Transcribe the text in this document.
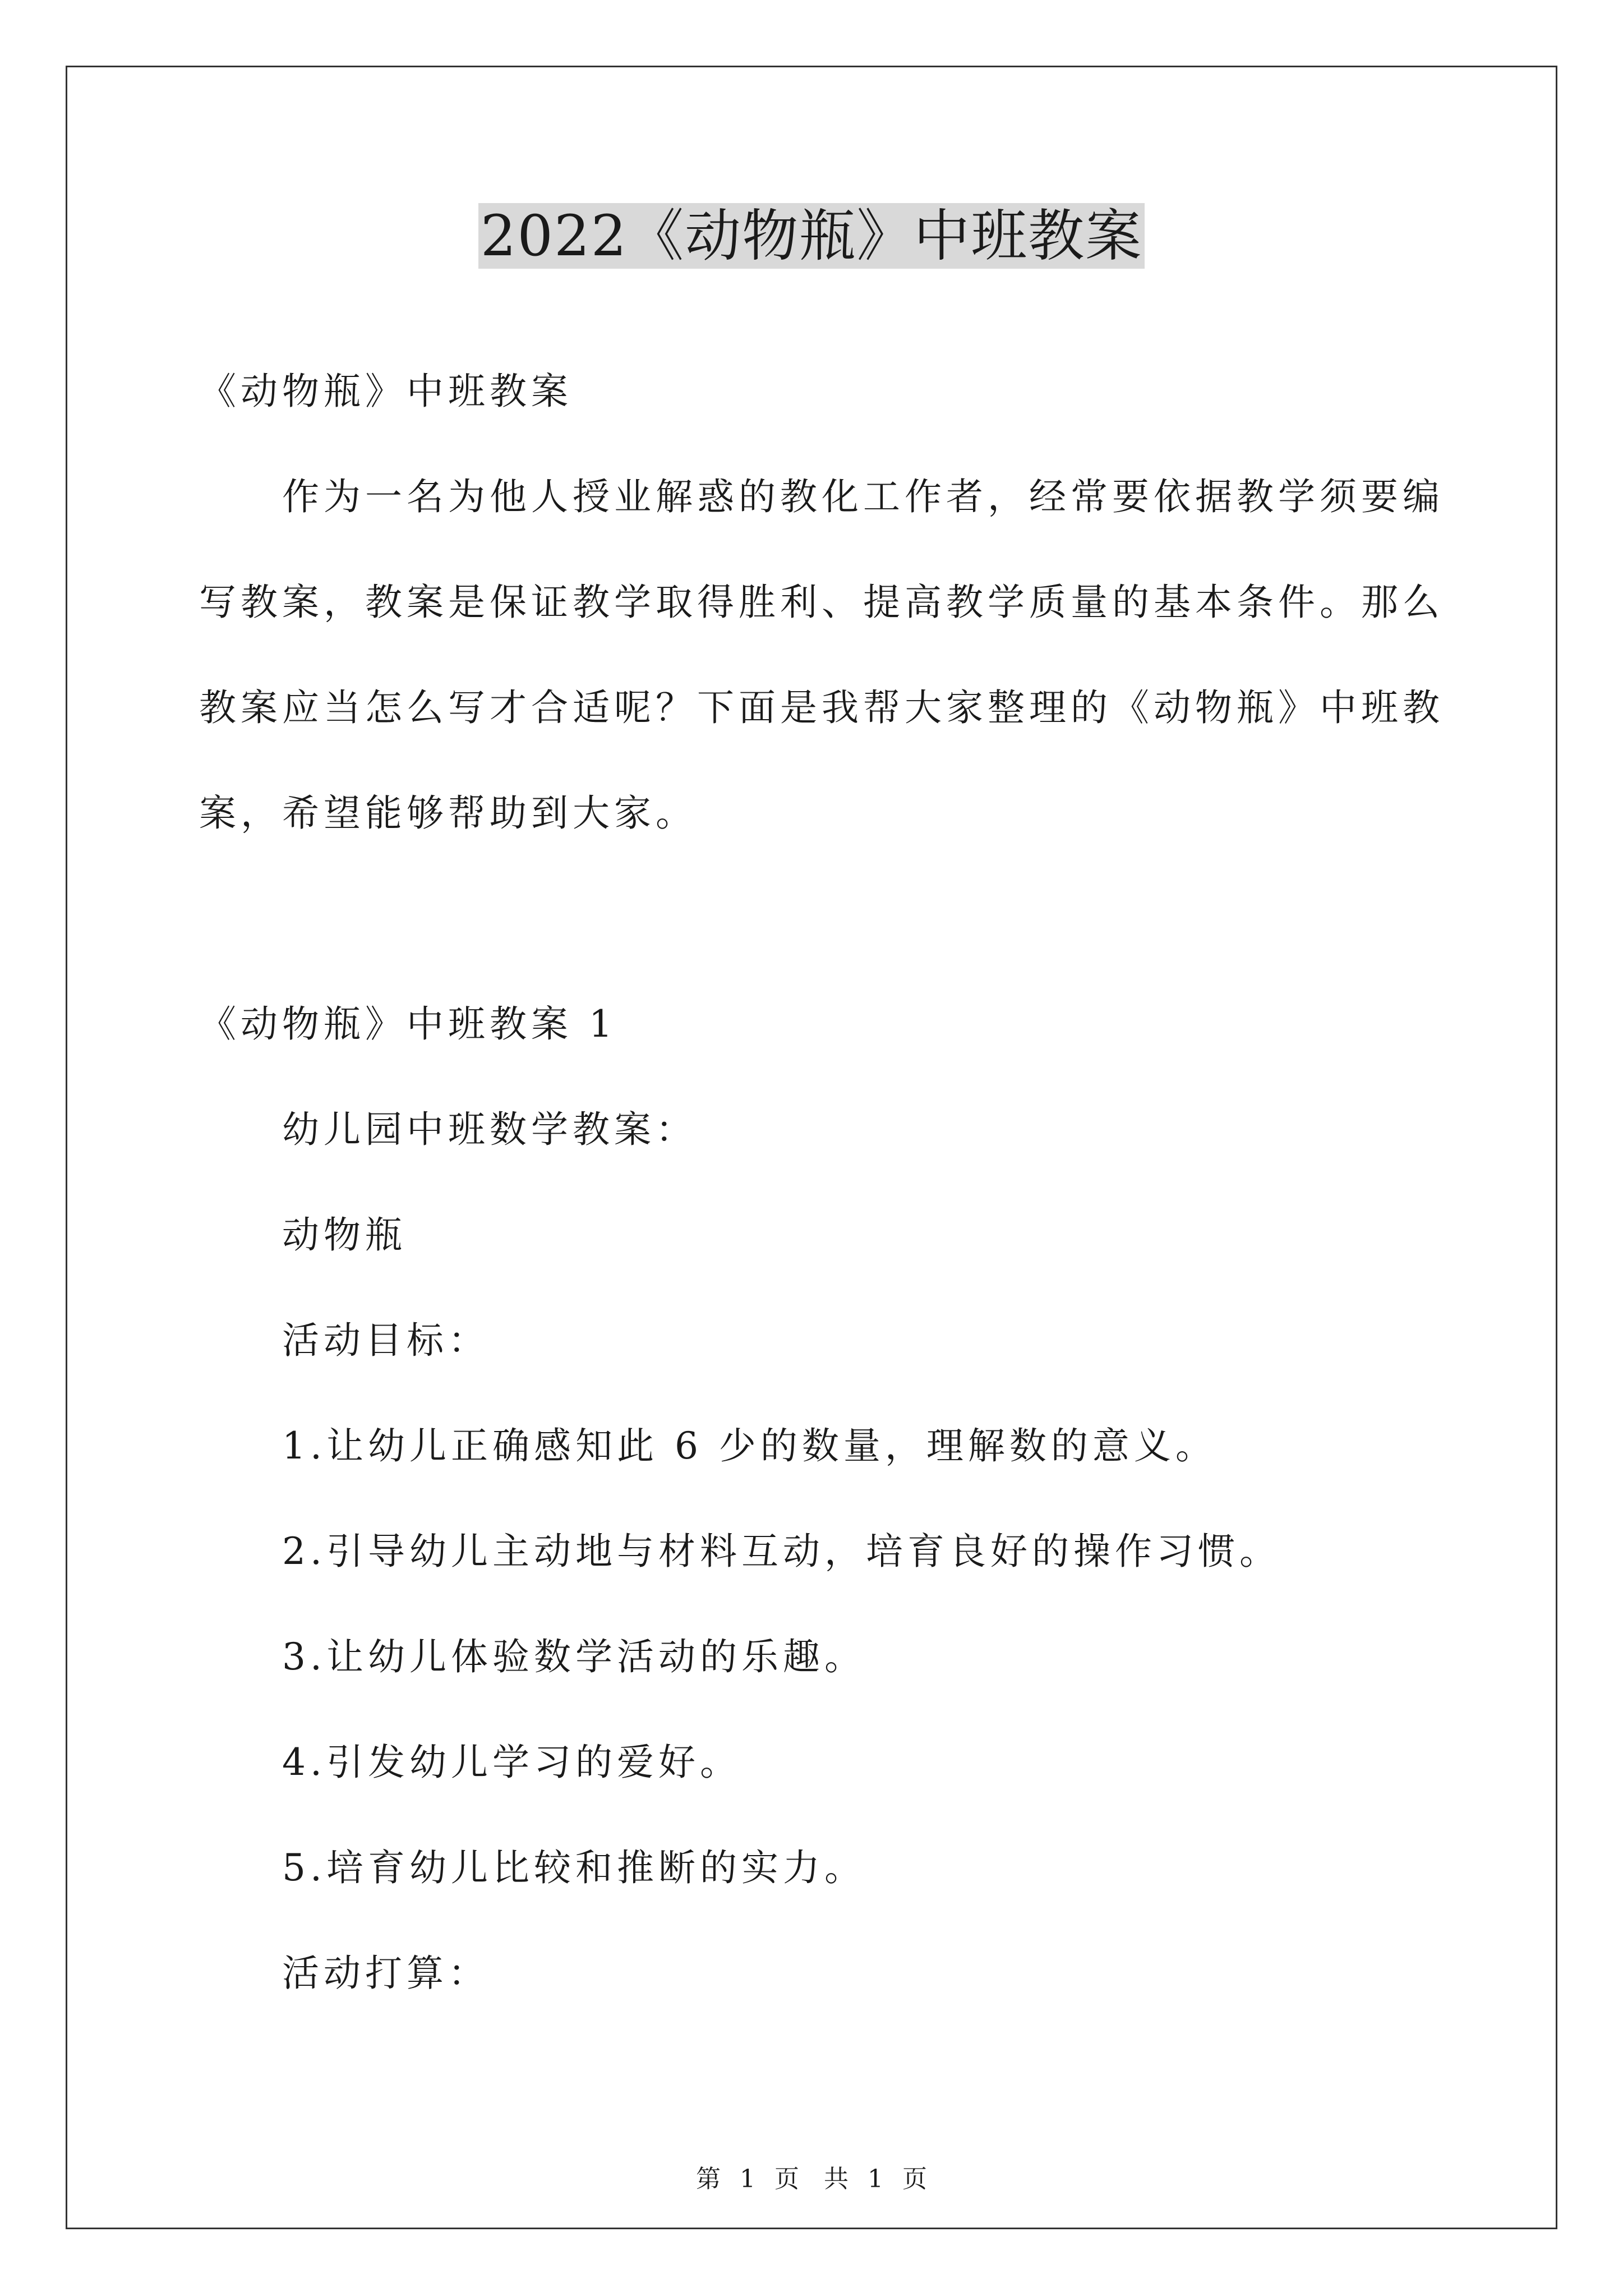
2022《动物瓶》中班教案
《动物瓶》中班教案
作为一名为他人授业解惑的教化工作者，经常要依据教学须要编
写教案，教案是保证教学取得胜利、提高教学质量的基本条件。那么
教案应当怎么写才合适呢？下面是我帮大家整理的《动物瓶》中班教
案，希望能够帮助到大家。
《动物瓶》中班教案 1
幼儿园中班数学教案：
动物瓶
活动目标：
1.让幼儿正确感知此 6 少的数量，理解数的意义。
2.引导幼儿主动地与材料互动，培育良好的操作习惯。
3.让幼儿体验数学活动的乐趣。
4.引发幼儿学习的爱好。
5.培育幼儿比较和推断的实力。
活动打算：
第 1 页　共 1 页
